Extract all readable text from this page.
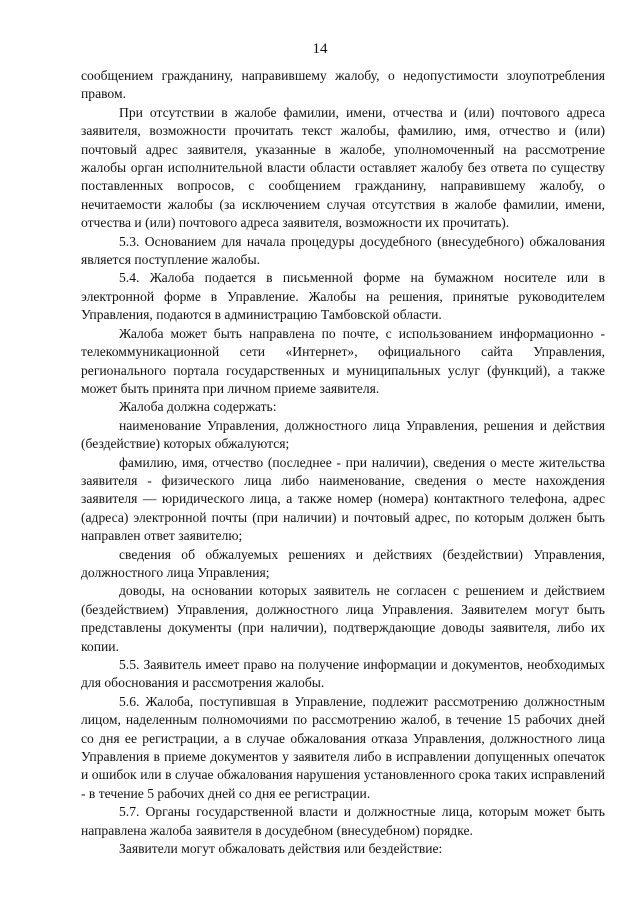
14

сообщением гражданину, направившему жалобу, о недопустимости злоупотребления правом.

При отсутствии в жалобе фамилии, имени, отчества и (или) почтового адреса заявителя, возможности прочитать текст жалобы, фамилию, имя, отчество и (или) почтовый адрес заявителя, указанные в жалобе, уполномоченный на рассмотрение жалобы орган исполнительной власти области оставляет жалобу без ответа по существу поставленных вопросов, с сообщением гражданину, направившему жалобу, о нечитаемости жалобы (за исключением случая отсутствия в жалобе фамилии, имени, отчества и (или) почтового адреса заявителя, возможности их прочитать).

5.3. Основанием для начала процедуры досудебного (внесудебного) обжалования является поступление жалобы.

5.4. Жалоба подается в письменной форме на бумажном носителе или в электронной форме в Управление. Жалобы на решения, принятые руководителем Управления, подаются в администрацию Тамбовской области.

Жалоба может быть направлена по почте, с использованием информационно - телекоммуникационной сети «Интернет», официального сайта Управления, регионального портала государственных и муниципальных услуг (функций), а также может быть принята при личном приеме заявителя.

Жалоба должна содержать:

наименование Управления, должностного лица Управления, решения и действия (бездействие) которых обжалуются;

фамилию, имя, отчество (последнее - при наличии), сведения о месте жительства заявителя - физического лица либо наименование, сведения о месте нахождения заявителя — юридического лица, а также номер (номера) контактного телефона, адрес (адреса) электронной почты (при наличии) и почтовый адрес, по которым должен быть направлен ответ заявителю;

сведения об обжалуемых решениях и действиях (бездействии) Управления, должностного лица Управления;

доводы, на основании которых заявитель не согласен с решением и действием (бездействием) Управления, должностного лица Управления. Заявителем могут быть представлены документы (при наличии), подтверждающие доводы заявителя, либо их копии.

5.5. Заявитель имеет право на получение информации и документов, необходимых для обоснования и рассмотрения жалобы.

5.6. Жалоба, поступившая в Управление, подлежит рассмотрению должностным лицом, наделенным полномочиями по рассмотрению жалоб, в течение 15 рабочих дней со дня ее регистрации, а в случае обжалования отказа Управления, должностного лица Управления в приеме документов у заявителя либо в исправлении допущенных опечаток и ошибок или в случае обжалования нарушения установленного срока таких исправлений - в течение 5 рабочих дней со дня ее регистрации.

5.7. Органы государственной власти и должностные лица, которым может быть направлена жалоба заявителя в досудебном (внесудебном) порядке.

Заявители могут обжаловать действия или бездействие:
